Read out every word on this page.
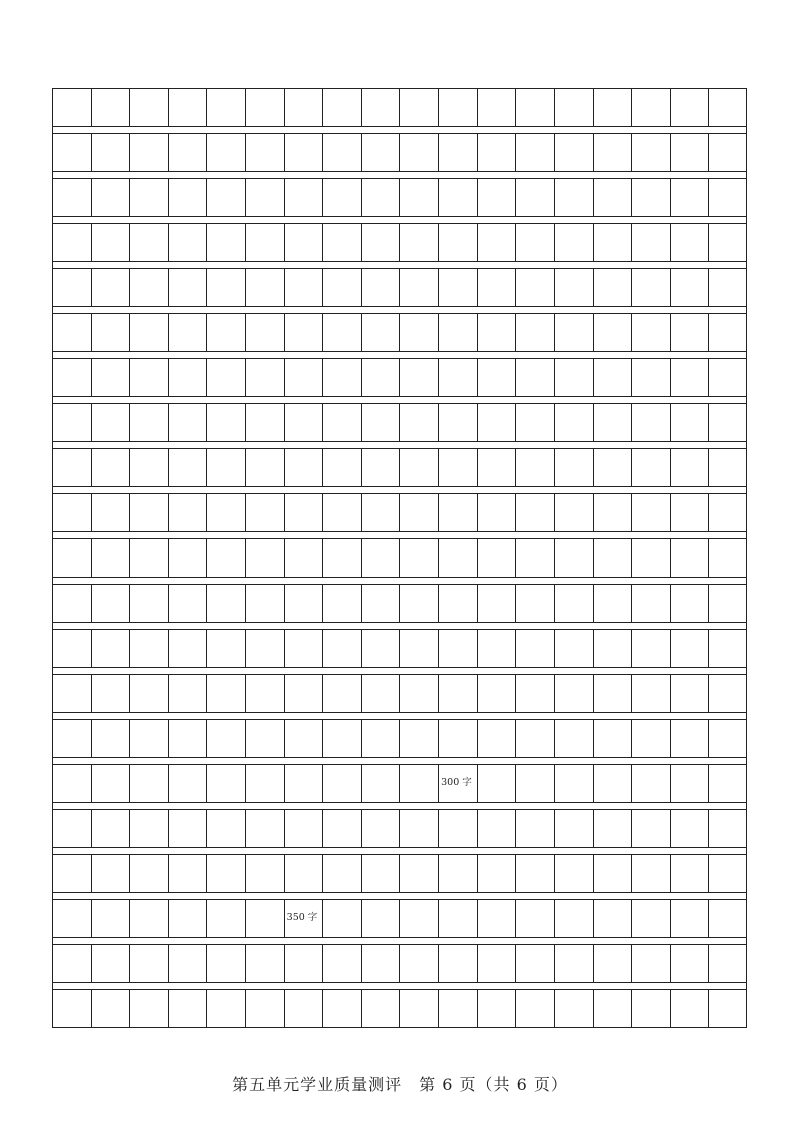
300 字
350 字
第五单元学业质量测评　第 6 页（共 6 页）
